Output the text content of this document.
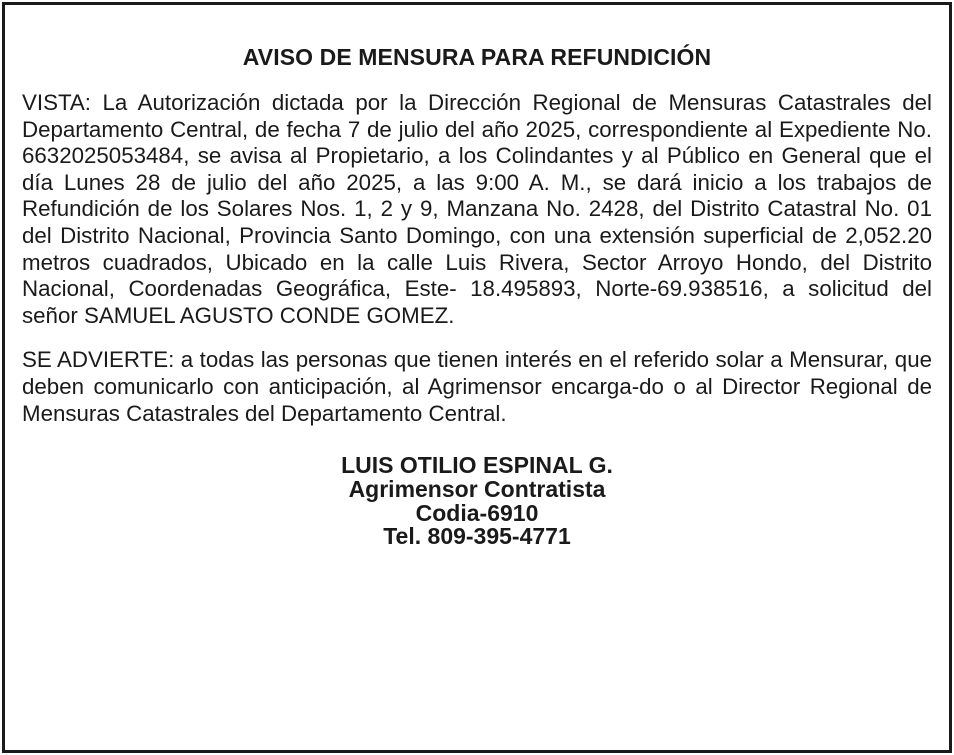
AVISO DE MENSURA PARA REFUNDICIÓN

VISTA: La Autorización dictada por la Dirección Regional de Mensuras Catastrales del Departamento Central, de fecha 7 de julio del año 2025, correspondiente al Expediente No. 6632025053484, se avisa al Propietario, a los Colindantes y al Público en General que el día Lunes 28 de julio del año 2025, a las 9:00 A. M., se dará inicio a los trabajos de Refundición de los Solares Nos. 1, 2 y 9, Manzana No. 2428, del Distrito Catastral No. 01 del Distrito Nacional, Provincia Santo Domingo, con una extensión superficial de 2,052.20 metros cuadrados, Ubicado en la calle Luis Rivera, Sector Arroyo Hondo, del Distrito Nacional, Coordenadas Geográfica, Este- 18.495893, Norte-69.938516, a solicitud del señor SAMUEL AGUSTO CONDE GOMEZ.

SE ADVIERTE: a todas las personas que tienen interés en el referido solar a Mensurar, que deben comunicarlo con anticipación, al Agrimensor encarga-do o al Director Regional de Mensuras Catastrales del Departamento Central.

LUIS OTILIO ESPINAL G.
Agrimensor Contratista
Codia-6910
Tel. 809-395-4771
